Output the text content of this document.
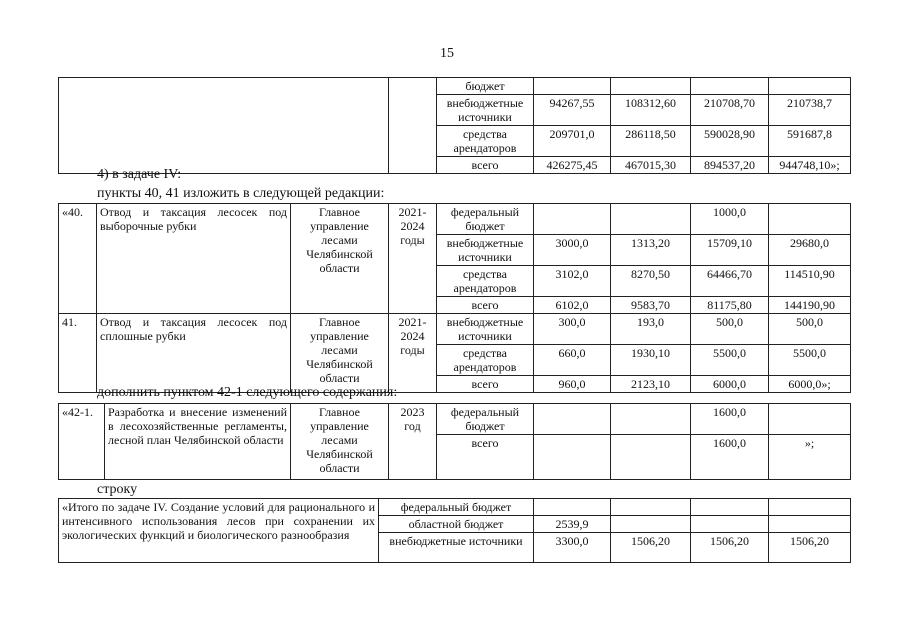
15
		бюджет				
		внебюджетные источники	94267,55	108312,60	210708,70	210738,7
		средства арендаторов	209701,0	286118,50	590028,90	591687,8
		всего	426275,45	467015,30	894537,20	944748,10»;
4) в задаче IV:
пункты 40, 41 изложить в следующей редакции:
«40.	Отвод и таксация лесосек под выборочные рубки	Главное управление лесами Челябинской области	2021-2024 годы	федеральный бюджет			1000,0	
				внебюджетные источники	3000,0	1313,20	15709,10	29680,0
				средства арендаторов	3102,0	8270,50	64466,70	114510,90
				всего	6102,0	9583,70	81175,80	144190,90
41.	Отвод и таксация лесосек под сплошные рубки	Главное управление лесами Челябинской области	2021-2024 годы	внебюджетные источники	300,0	193,0	500,0	500,0
				средства арендаторов	660,0	1930,10	5500,0	5500,0
				всего	960,0	2123,10	6000,0	6000,0»;
дополнить пунктом 42-1 следующего содержания:
«42-1.	Разработка и внесение изменений в лесохозяйственные регламенты, лесной план Челябинской области	Главное управление лесами Челябинской области	2023 год	федеральный бюджет			1600,0	
				всего			1600,0	»;
строку
«Итого по задаче IV. Создание условий для рационального и интенсивного использования лесов при сохранении их экологических функций и биологического разнообразия	федеральный бюджет				
	областной бюджет	2539,9			
	внебюджетные источники	3300,0	1506,20	1506,20	1506,20
